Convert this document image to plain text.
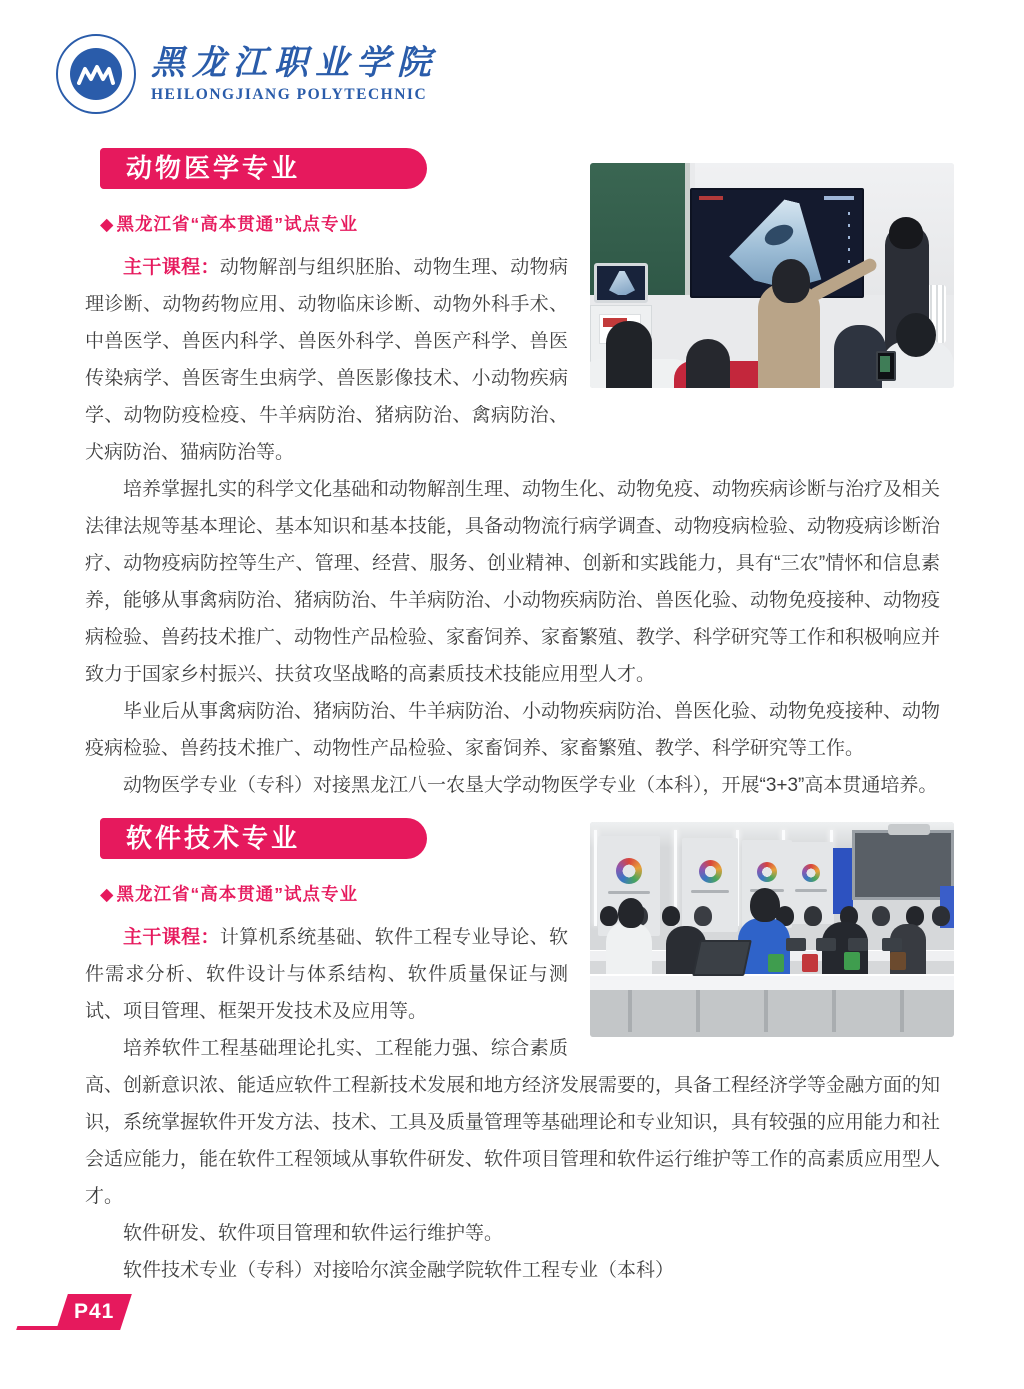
黑龙江职业学院
HEILONGJIANG POLYTECHNIC
动物医学专业
◆ 黑龙江省“高本贯通”试点专业

主干课程：动物解剖与组织胚胎、动物生理、动物病理诊断、动物药物应用、动物临床诊断、动物外科手术、中兽医学、兽医内科学、兽医外科学、兽医产科学、兽医传染病学、兽医寄生虫病学、兽医影像技术、小动物疾病学、动物防疫检疫、牛羊病防治、猪病防治、禽病防治、犬病防治、猫病防治等。

培养掌握扎实的科学文化基础和动物解剖生理、动物生化、动物免疫、动物疾病诊断与治疗及相关法律法规等基本理论、基本知识和基本技能，具备动物流行病学调查、动物疫病检验、动物疫病诊断治疗、动物疫病防控等生产、管理、经营、服务、创业精神、创新和实践能力，具有“三农”情怀和信息素养，能够从事禽病防治、猪病防治、牛羊病防治、小动物疾病防治、兽医化验、动物免疫接种、动物疫病检验、兽药技术推广、动物性产品检验、家畜饲养、家畜繁殖、教学、科学研究等工作和积极响应并致力于国家乡村振兴、扶贫攻坚战略的高素质技术技能应用型人才。

毕业后从事禽病防治、猪病防治、牛羊病防治、小动物疾病防治、兽医化验、动物免疫接种、动物疫病检验、兽药技术推广、动物性产品检验、家畜饲养、家畜繁殖、教学、科学研究等工作。

动物医学专业（专科）对接黑龙江八一农垦大学动物医学专业（本科），开展“3+3”高本贯通培养。

软件技术专业
◆ 黑龙江省“高本贯通”试点专业

主干课程：计算机系统基础、软件工程专业导论、软件需求分析、软件设计与体系结构、软件质量保证与测试、项目管理、框架开发技术及应用等。

培养软件工程基础理论扎实、工程能力强、综合素质高、创新意识浓、能适应软件工程新技术发展和地方经济发展需要的，具备工程经济学等金融方面的知识，系统掌握软件开发方法、技术、工具及质量管理等基础理论和专业知识，具有较强的应用能力和社会适应能力，能在软件工程领域从事软件研发、软件项目管理和软件运行维护等工作的高素质应用型人才。

软件研发、软件项目管理和软件运行维护等。

软件技术专业（专科）对接哈尔滨金融学院软件工程专业（本科）

P41
